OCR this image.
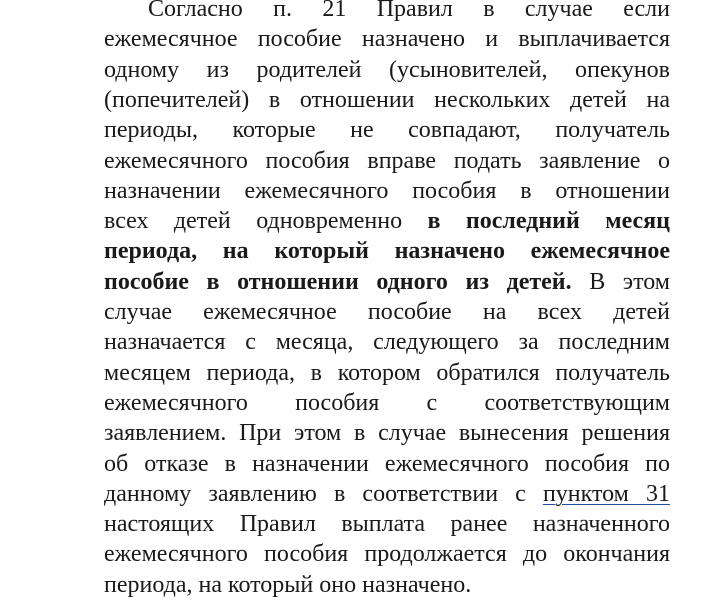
Согласно п. 21 Правил в случае если
ежемесячное пособие назначено и выплачивается
одному из родителей (усыновителей, опекунов
(попечителей) в отношении нескольких детей на
периоды, которые не совпадают, получатель
ежемесячного пособия вправе подать заявление о
назначении ежемесячного пособия в отношении
всех детей одновременно в последний месяц
периода, на который назначено ежемесячное
пособие в отношении одного из детей. В этом
случае ежемесячное пособие на всех детей
назначается с месяца, следующего за последним
месяцем периода, в котором обратился получатель
ежемесячного пособия с соответствующим
заявлением. При этом в случае вынесения решения
об отказе в назначении ежемесячного пособия по
данному заявлению в соответствии с пунктом 31
настоящих Правил выплата ранее назначенного
ежемесячного пособия продолжается до окончания
периода, на который оно назначено.
